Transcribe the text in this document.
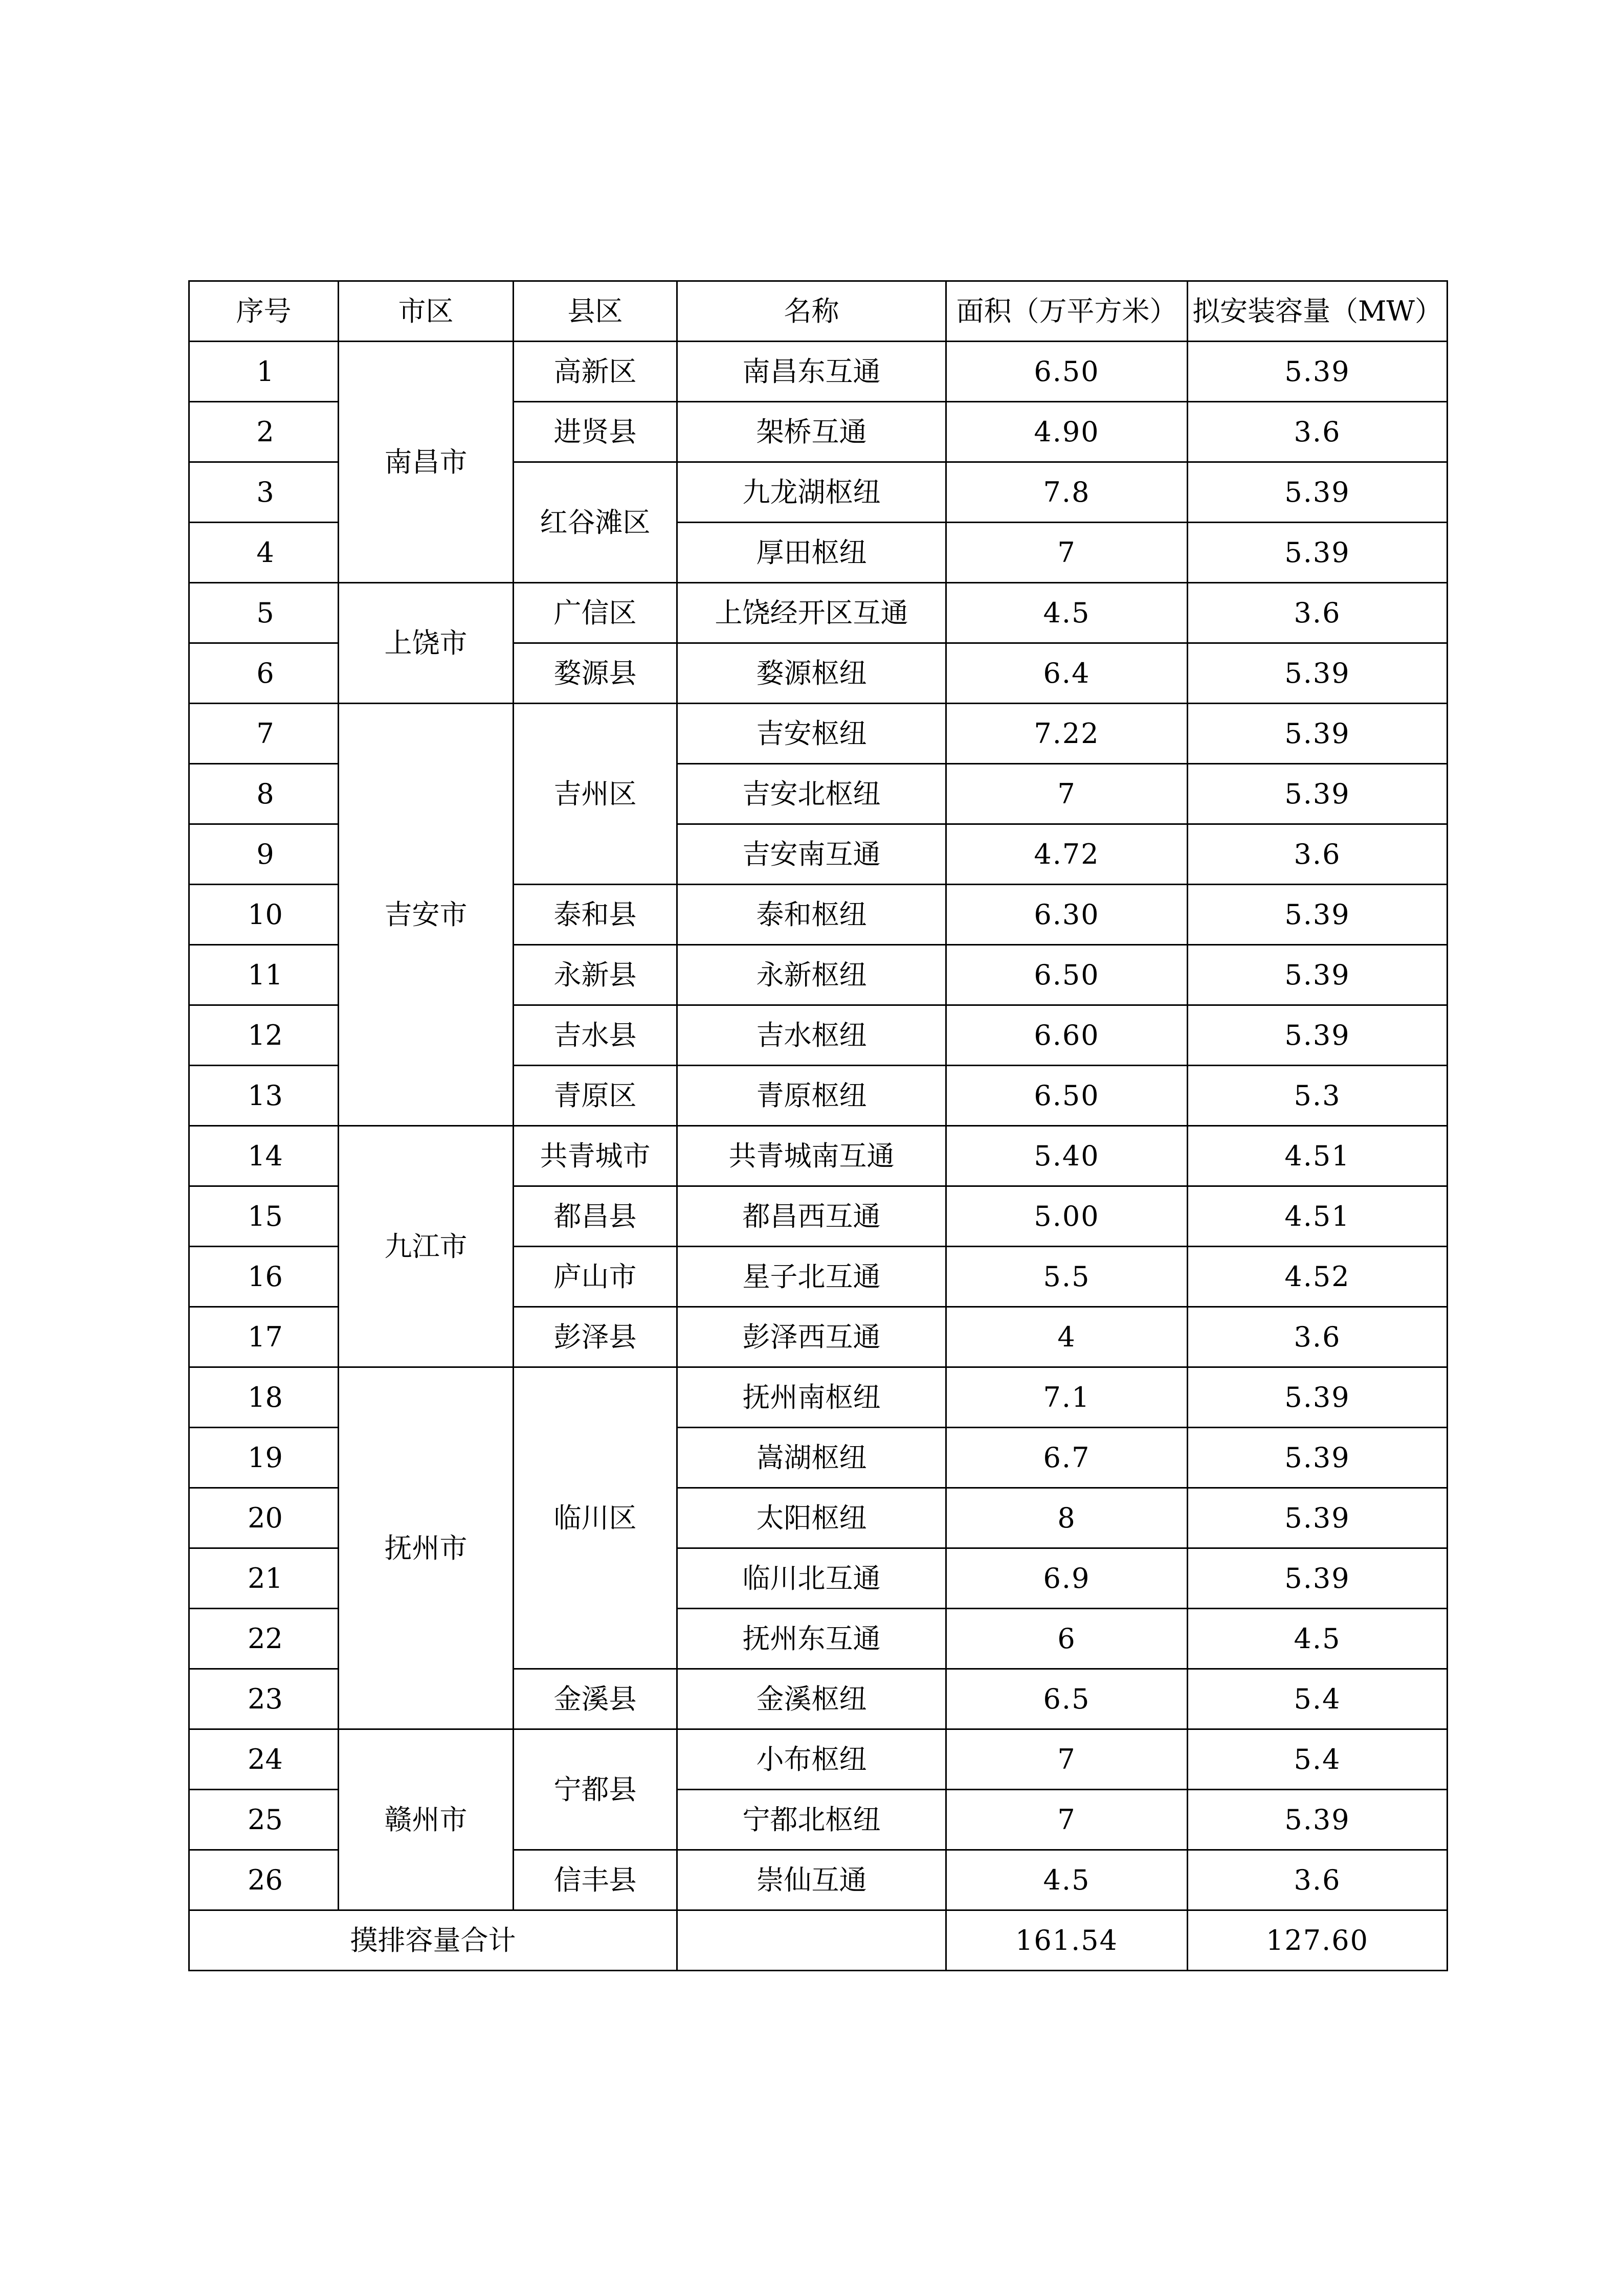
序号	市区	县区	名称	面积（万平方米）	拟安装容量（MW）
1	南昌市	高新区	南昌东互通	6.50	5.39
2		进贤县	架桥互通	4.90	3.6
3		红谷滩区	九龙湖枢纽	7.8	5.39
4			厚田枢纽	7	5.39
5	上饶市	广信区	上饶经开区互通	4.5	3.6
6		婺源县	婺源枢纽	6.4	5.39
7	吉安市	吉州区	吉安枢纽	7.22	5.39
8			吉安北枢纽	7	5.39
9			吉安南互通	4.72	3.6
10		泰和县	泰和枢纽	6.30	5.39
11		永新县	永新枢纽	6.50	5.39
12		吉水县	吉水枢纽	6.60	5.39
13		青原区	青原枢纽	6.50	5.3
14	九江市	共青城市	共青城南互通	5.40	4.51
15		都昌县	都昌西互通	5.00	4.51
16		庐山市	星子北互通	5.5	4.52
17		彭泽县	彭泽西互通	4	3.6
18	抚州市	临川区	抚州南枢纽	7.1	5.39
19			嵩湖枢纽	6.7	5.39
20			太阳枢纽	8	5.39
21			临川北互通	6.9	5.39
22			抚州东互通	6	4.5
23		金溪县	金溪枢纽	6.5	5.4
24	赣州市	宁都县	小布枢纽	7	5.4
25			宁都北枢纽	7	5.39
26		信丰县	崇仙互通	4.5	3.6
摸排容量合计				161.54	127.60
